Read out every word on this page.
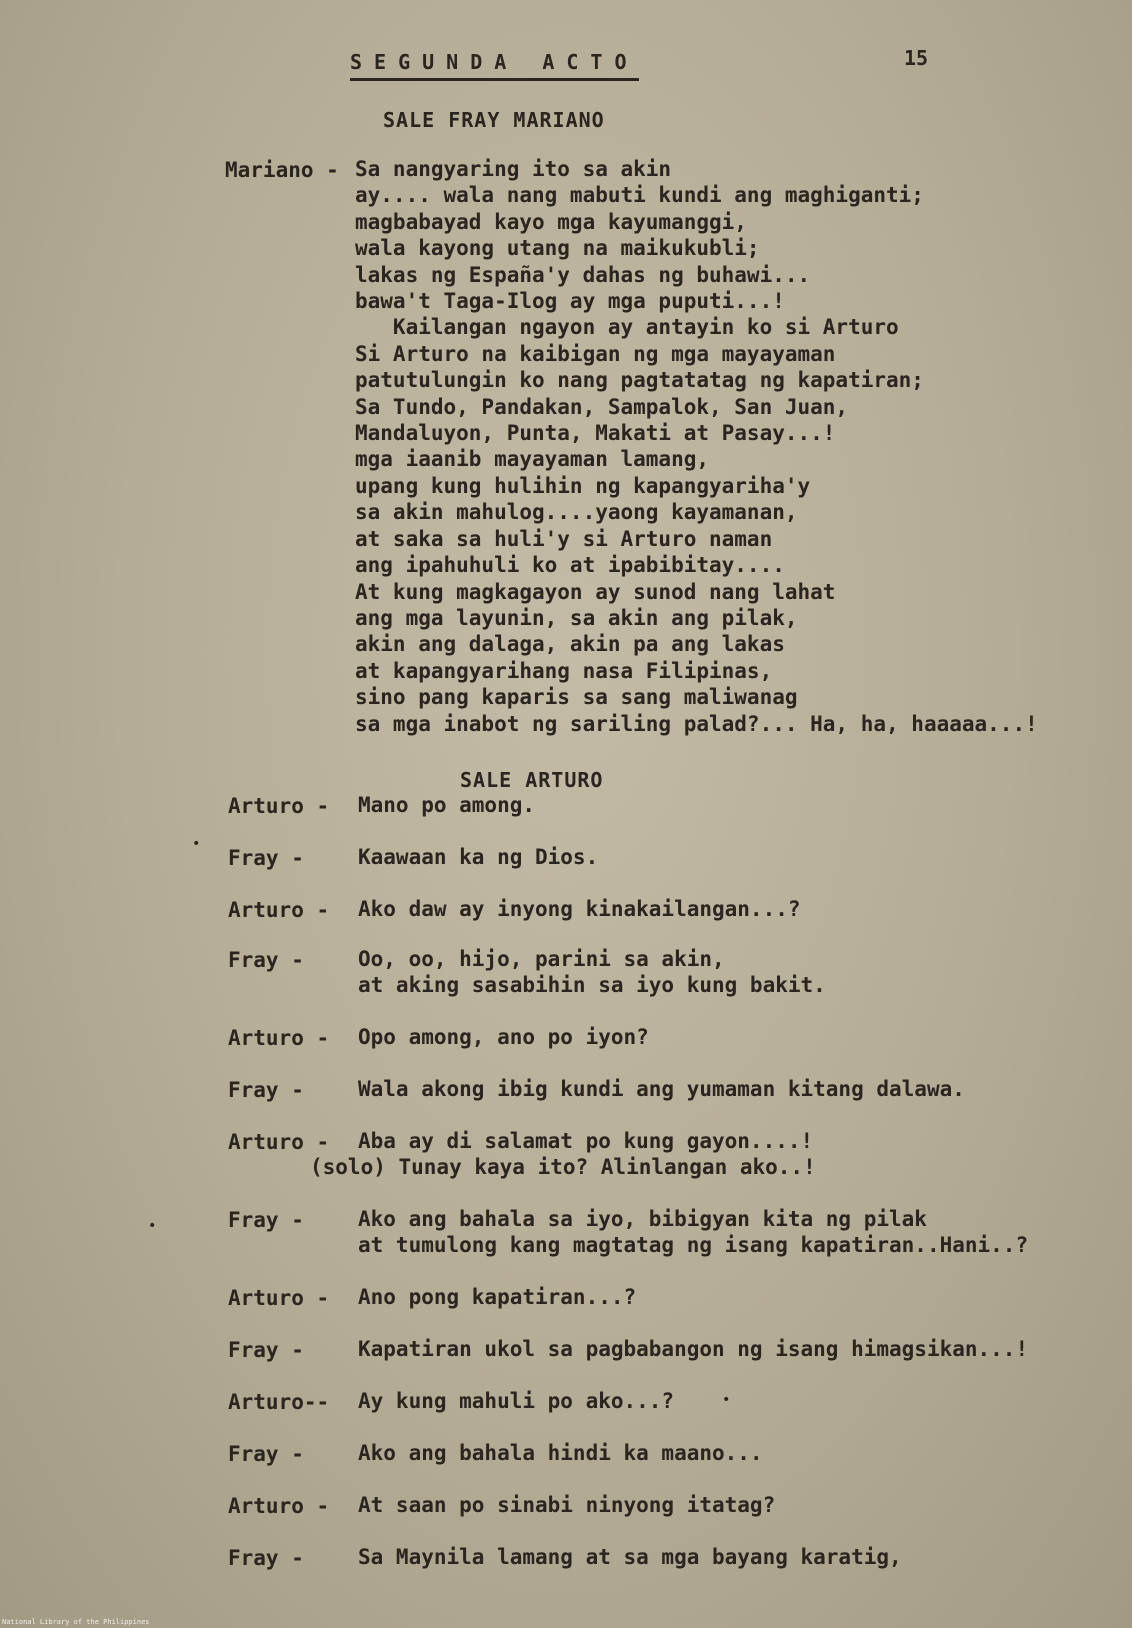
SEGUNDA ACTO	15
SALE FRAY MARIANO
Mariano - Sa nangyaring ito sa akin
ay.... wala nang mabuti kundi ang maghiganti;
magbabayad kayo mga kayumanggi,
wala kayong utang na maikukubli;
lakas ng España'y dahas ng buhawi...
bawa't Taga-Ilog ay mga puputi...!
Kailangan ngayon ay antayin ko si Arturo
Si Arturo na kaibigan ng mga mayayaman
patutulungin ko nang pagtatatag ng kapatiran;
Sa Tundo, Pandakan, Sampalok, San Juan,
Mandaluyon, Punta, Makati at Pasay...!
mga iaanib mayayaman lamang,
upang kung hulihin ng kapangyariha'y
sa akin mahulog....yaong kayamanan,
at saka sa huli'y si Arturo naman
ang ipahuhuli ko at ipabibitay....
At kung magkagayon ay sunod nang lahat
ang mga layunin, sa akin ang pilak,
akin ang dalaga, akin pa ang lakas
at kapangyarihang nasa Filipinas,
sino pang kaparis sa sang maliwanag
sa mga inabot ng sariling palad?... Ha, ha, haaaaa...!
SALE ARTURO
Arturo - Mano po among.
Fray -	Kaawaan ka ng Dios.
Arturo - Ako daw ay inyong kinakailangan...?
Fray -	Oo, oo, hijo, parini sa akin,
at aking sasabihin sa iyo kung bakit.
Arturo - Opo among, ano po iyon?
Fray -	Wala akong ibig kundi ang yumaman kitang dalawa.
Arturo - Aba ay di salamat po kung gayon....!
(solo) Tunay kaya ito? Alinlangan ako..!
Fray -	Ako ang bahala sa iyo, bibigyan kita ng pilak
at tumulong kang magtatag ng isang kapatiran..Hani..?
Arturo - Ano pong kapatiran...?
Fray -	Kapatiran ukol sa pagbabangon ng isang himagsikan...!
Arturo-- Ay kung mahuli po ako...?
Fray -	Ako ang bahala hindi ka maano...
Arturo - At saan po sinabi ninyong itatag?
Fray -	Sa Maynila lamang at sa mga bayang karatig,
•
•
•
National Library of the Philippines
